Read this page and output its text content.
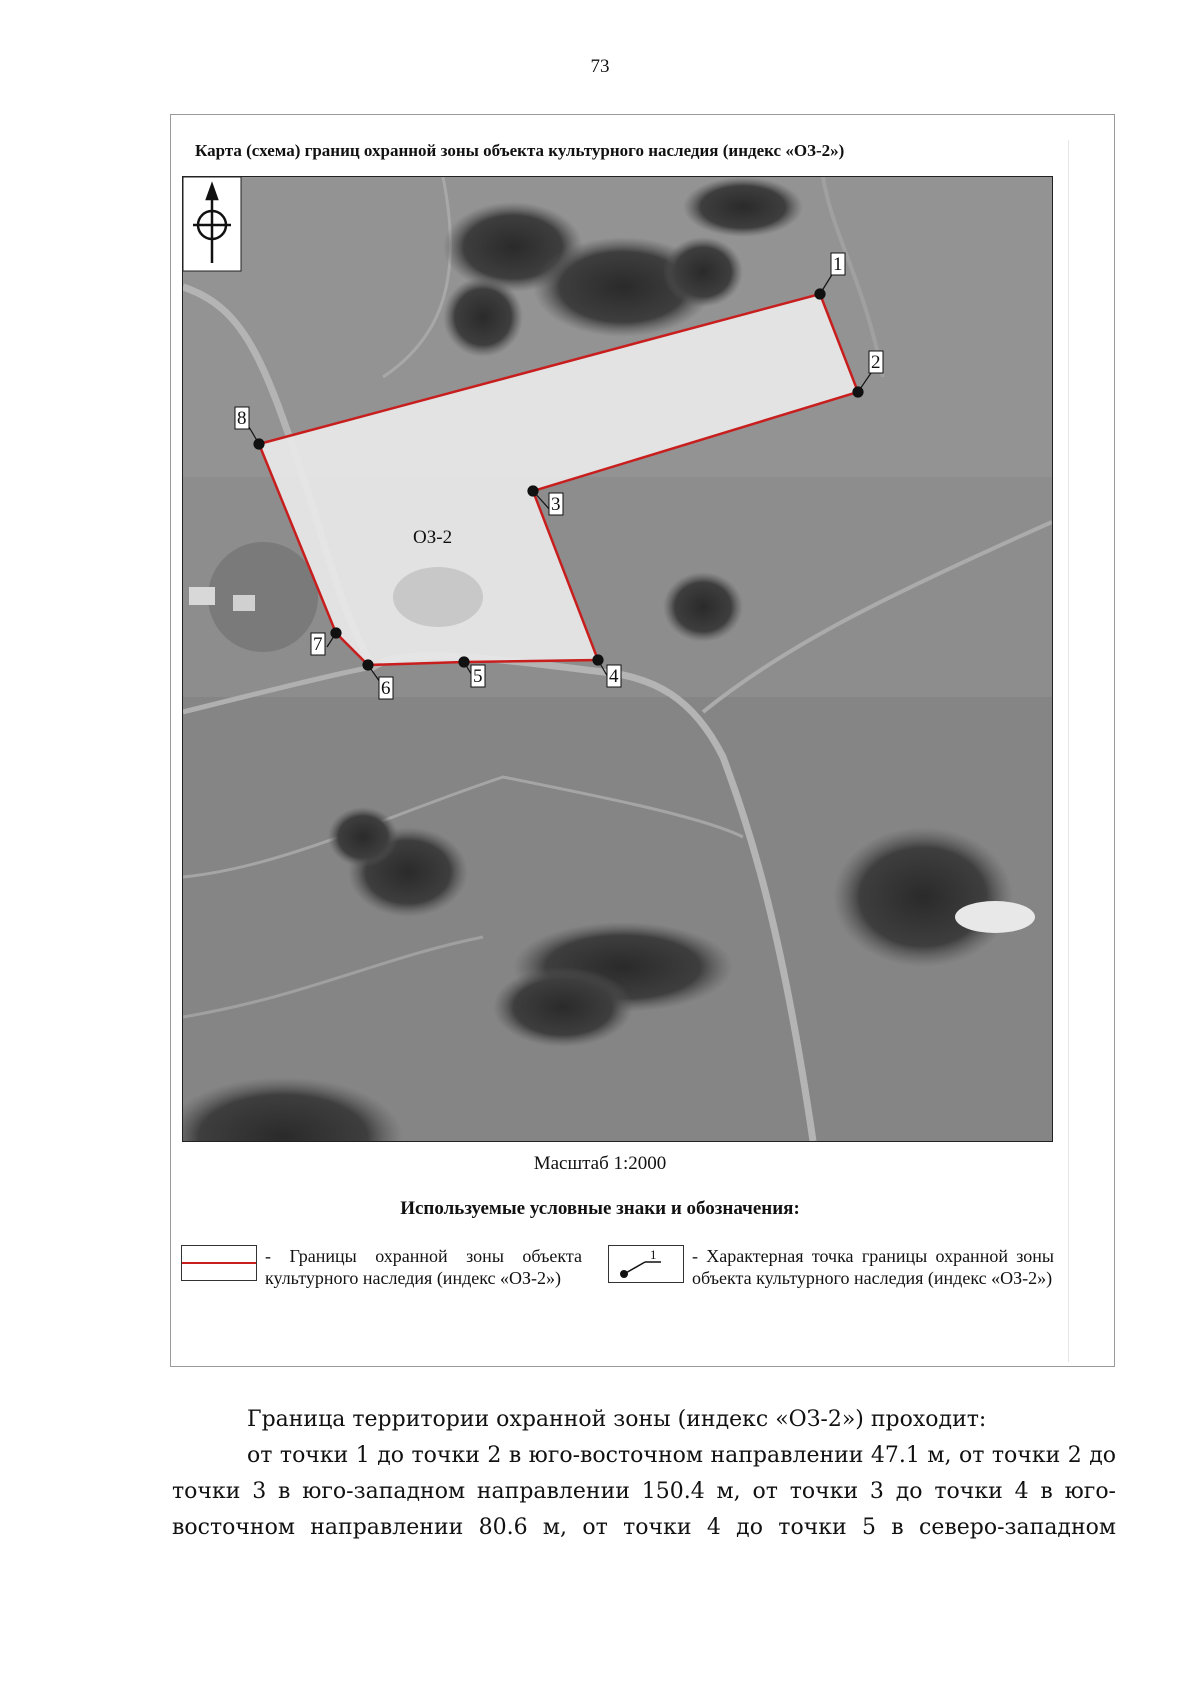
73
Карта (схема) границ охранной зоны объекта культурного наследия (индекс «ОЗ-2»)
1
2
3
4
5
6
7
8
ОЗ-2
Масштаб 1:2000
Используемые условные знаки и обозначения:
- Границы охранной зоны объекта культурного наследия (индекс «ОЗ-2»)
1 - Характерная точка границы охранной зоны объекта культурного наследия (индекс «ОЗ-2»)
Граница территории охранной зоны (индекс «ОЗ-2») проходит:
от точки 1 до точки 2 в юго-восточном направлении 47.1 м, от точки 2 до точки 3 в юго-западном направлении 150.4 м, от точки 3 до точки 4 в юго-восточном направлении 80.6 м, от точки 4 до точки 5 в северо-западном
